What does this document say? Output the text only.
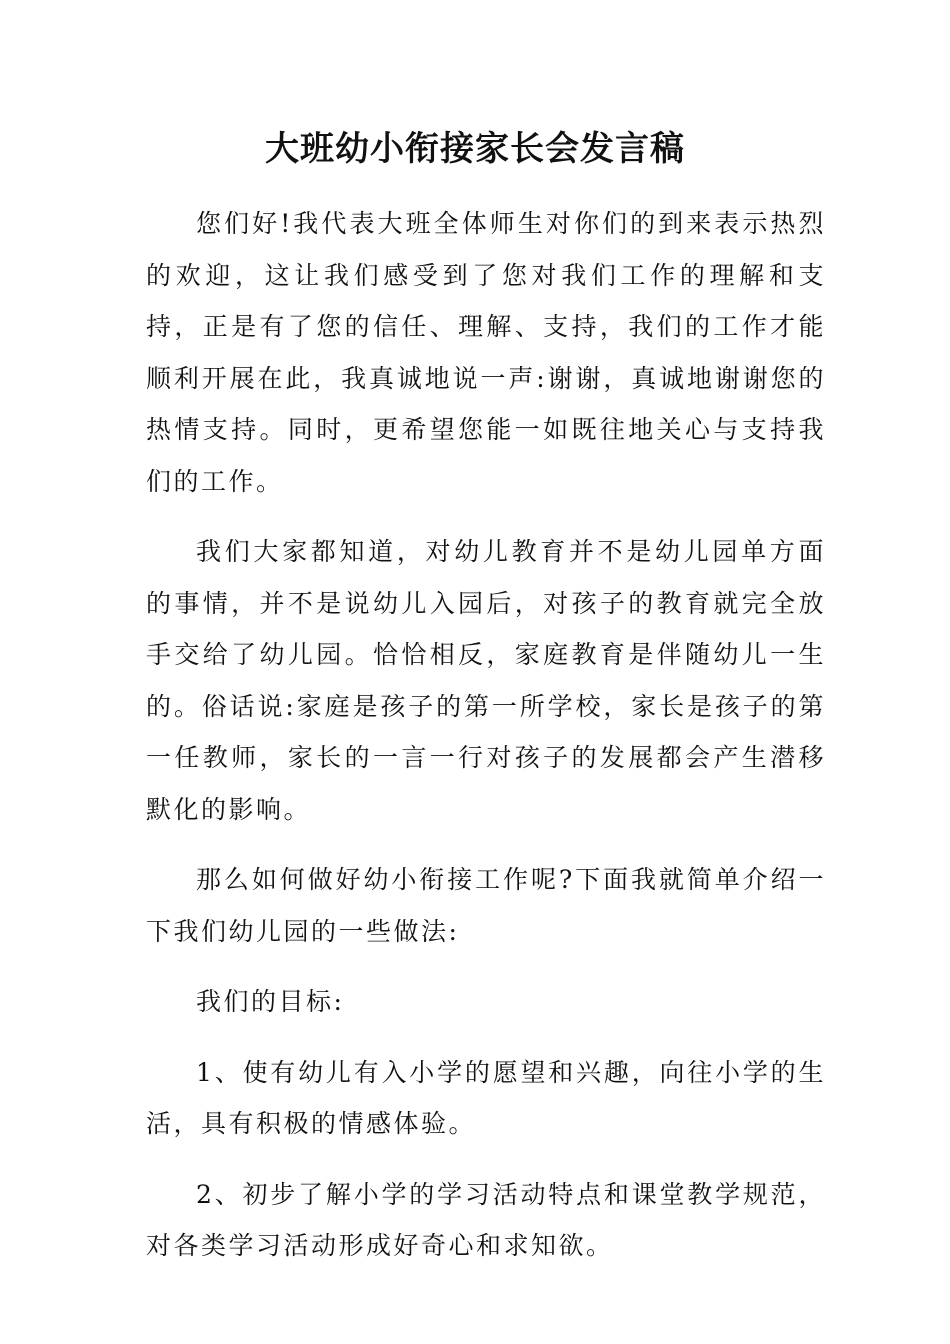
大班幼小衔接家长会发言稿

您们好!我代表大班全体师生对你们的到来表示热烈的欢迎，这让我们感受到了您对我们工作的理解和支持，正是有了您的信任、理解、支持，我们的工作才能顺利开展在此，我真诚地说一声:谢谢，真诚地谢谢您的热情支持。同时，更希望您能一如既往地关心与支持我们的工作。

我们大家都知道，对幼儿教育并不是幼儿园单方面的事情，并不是说幼儿入园后，对孩子的教育就完全放手交给了幼儿园。恰恰相反，家庭教育是伴随幼儿一生的。俗话说:家庭是孩子的第一所学校，家长是孩子的第一任教师，家长的一言一行对孩子的发展都会产生潜移默化的影响。

那么如何做好幼小衔接工作呢?下面我就简单介绍一下我们幼儿园的一些做法:

我们的目标:

1、使有幼儿有入小学的愿望和兴趣，向往小学的生活，具有积极的情感体验。

2、初步了解小学的学习活动特点和课堂教学规范，对各类学习活动形成好奇心和求知欲。
